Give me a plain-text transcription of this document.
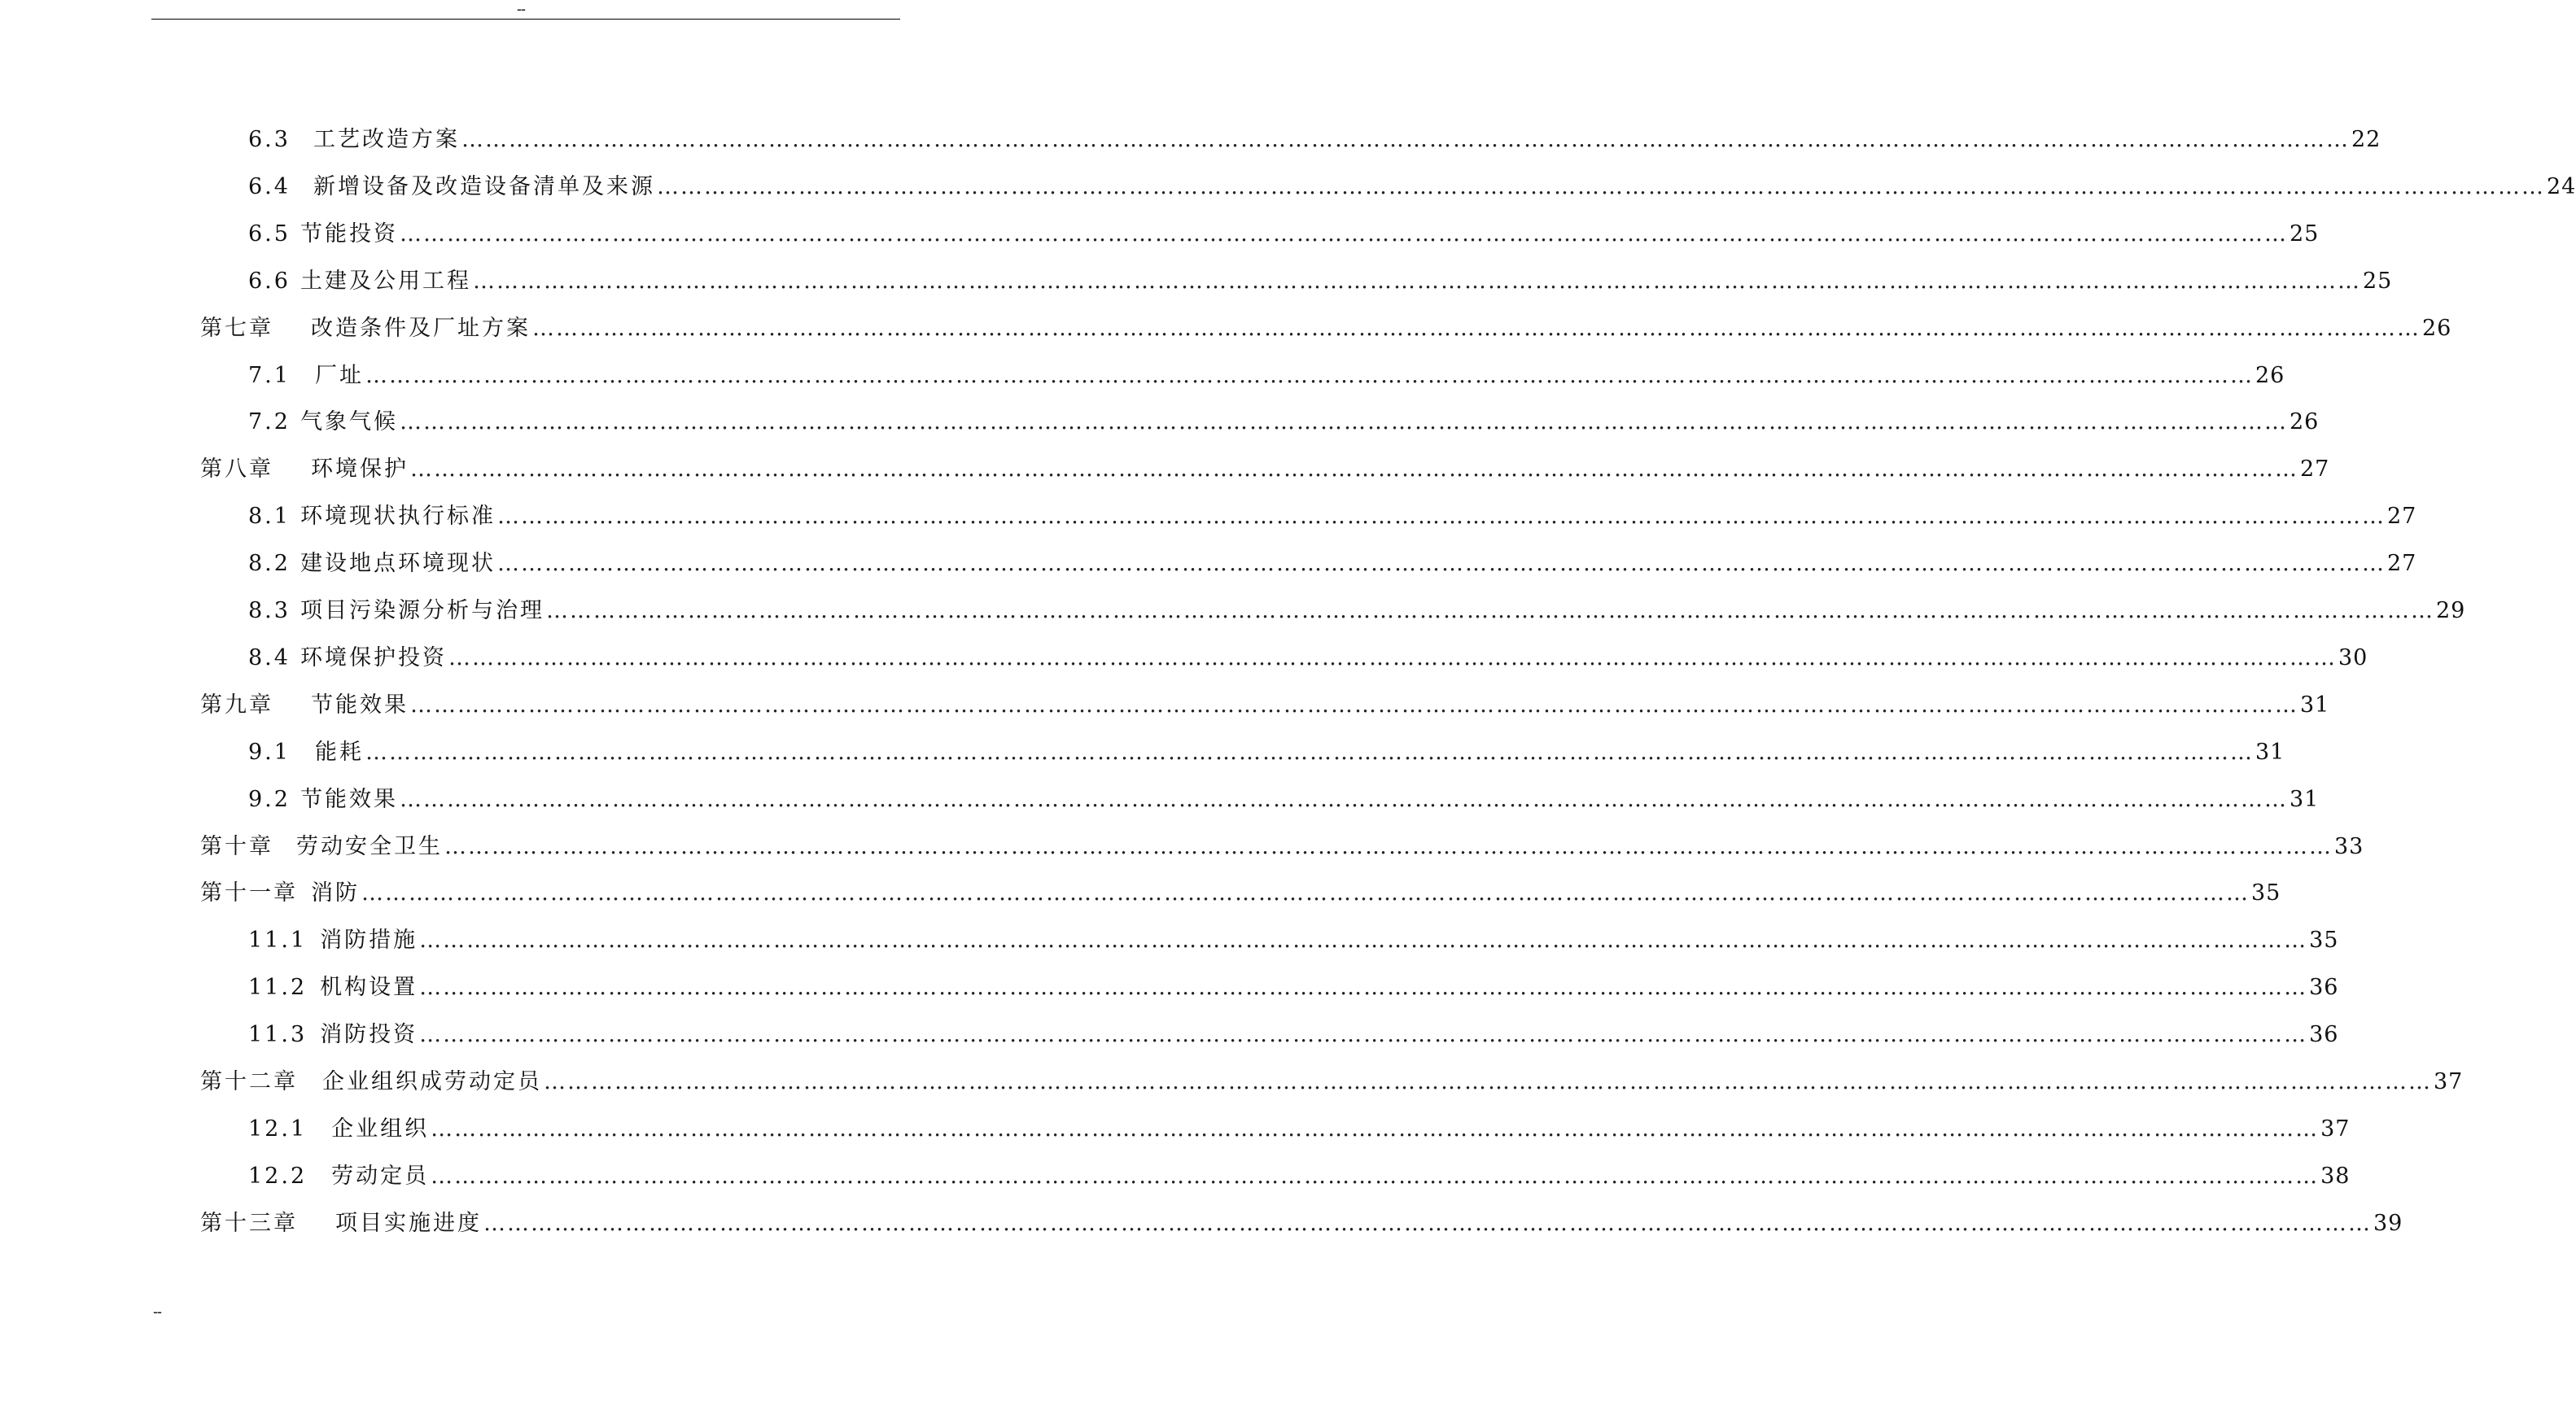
--
6.3 工艺改造方案 …………………………………………………………………………………………………………………………………………………………………………………………………………………… 22
6.4 新增设备及改造设备清单及来源 …………………………………………………………………………………………………………………………………………………………………………………………………………………… 24
6.5 节能投资 …………………………………………………………………………………………………………………………………………………………………………………………………………………… 25
6.6 土建及公用工程 …………………………………………………………………………………………………………………………………………………………………………………………………………………… 25
第七章 改造条件及厂址方案 …………………………………………………………………………………………………………………………………………………………………………………………………………………… 26
7.1 厂址 …………………………………………………………………………………………………………………………………………………………………………………………………………………… 26
7.2 气象气候 …………………………………………………………………………………………………………………………………………………………………………………………………………………… 26
第八章 环境保护 …………………………………………………………………………………………………………………………………………………………………………………………………………………… 27
8.1 环境现状执行标准 …………………………………………………………………………………………………………………………………………………………………………………………………………………… 27
8.2 建设地点环境现状 …………………………………………………………………………………………………………………………………………………………………………………………………………………… 27
8.3 项目污染源分析与治理 …………………………………………………………………………………………………………………………………………………………………………………………………………………… 29
8.4 环境保护投资 …………………………………………………………………………………………………………………………………………………………………………………………………………………… 30
第九章 节能效果 …………………………………………………………………………………………………………………………………………………………………………………………………………………… 31
9.1 能耗 …………………………………………………………………………………………………………………………………………………………………………………………………………………… 31
9.2 节能效果 …………………………………………………………………………………………………………………………………………………………………………………………………………………… 31
第十章 劳动安全卫生 …………………………………………………………………………………………………………………………………………………………………………………………………………………… 33
第十一章 消防 …………………………………………………………………………………………………………………………………………………………………………………………………………………… 35
11.1 消防措施 …………………………………………………………………………………………………………………………………………………………………………………………………………………… 35
11.2 机构设置 …………………………………………………………………………………………………………………………………………………………………………………………………………………… 36
11.3 消防投资 …………………………………………………………………………………………………………………………………………………………………………………………………………………… 36
第十二章 企业组织成劳动定员 …………………………………………………………………………………………………………………………………………………………………………………………………………………… 37
12.1 企业组织 …………………………………………………………………………………………………………………………………………………………………………………………………………………… 37
12.2 劳动定员 …………………………………………………………………………………………………………………………………………………………………………………………………………………… 38
第十三章 项目实施进度 …………………………………………………………………………………………………………………………………………………………………………………………………………………… 39
--
